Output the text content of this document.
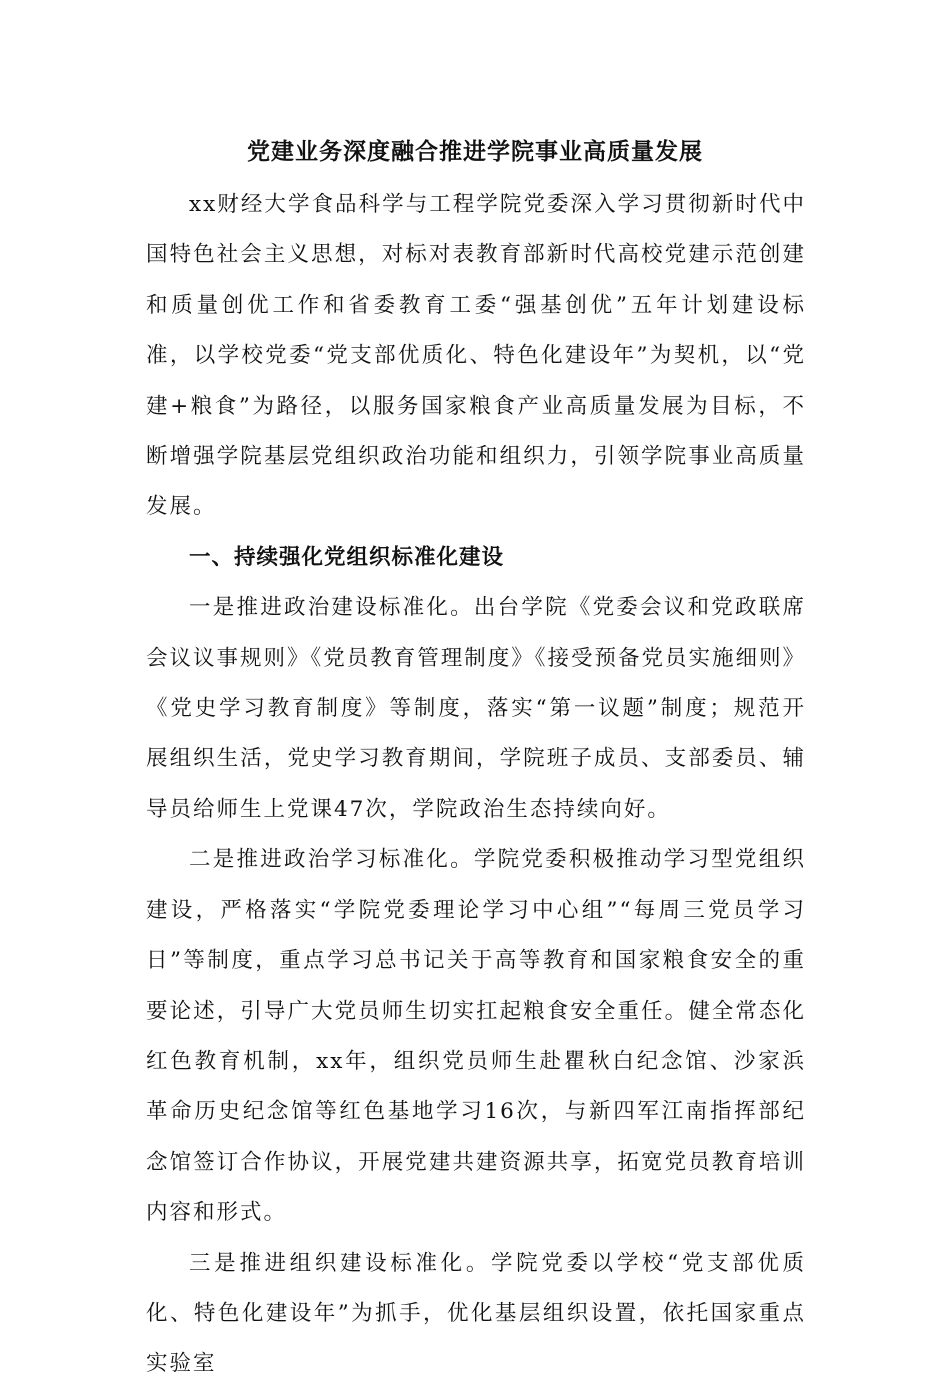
党建业务深度融合推进学院事业高质量发展

xx财经大学食品科学与工程学院党委深入学习贯彻新时代中国特色社会主义思想，对标对表教育部新时代高校党建示范创建和质量创优工作和省委教育工委“强基创优”五年计划建设标准，以学校党委“党支部优质化、特色化建设年”为契机，以“党建+粮食”为路径，以服务国家粮食产业高质量发展为目标，不断增强学院基层党组织政治功能和组织力，引领学院事业高质量发展。

一、持续强化党组织标准化建设

一是推进政治建设标准化。出台学院《党委会议和党政联席会议议事规则》《党员教育管理制度》《接受预备党员实施细则》《党史学习教育制度》等制度，落实“第一议题”制度；规范开展组织生活，党史学习教育期间，学院班子成员、支部委员、辅导员给师生上党课47次，学院政治生态持续向好。

二是推进政治学习标准化。学院党委积极推动学习型党组织建设，严格落实“学院党委理论学习中心组”“每周三党员学习日”等制度，重点学习总书记关于高等教育和国家粮食安全的重要论述，引导广大党员师生切实扛起粮食安全重任。健全常态化红色教育机制，xx年，组织党员师生赴瞿秋白纪念馆、沙家浜革命历史纪念馆等红色基地学习16次，与新四军江南指挥部纪念馆签订合作协议，开展党建共建资源共享，拓宽党员教育培训内容和形式。

三是推进组织建设标准化。学院党委以学校“党支部优质化、特色化建设年”为抓手，优化基层组织设置，依托国家重点实验室
